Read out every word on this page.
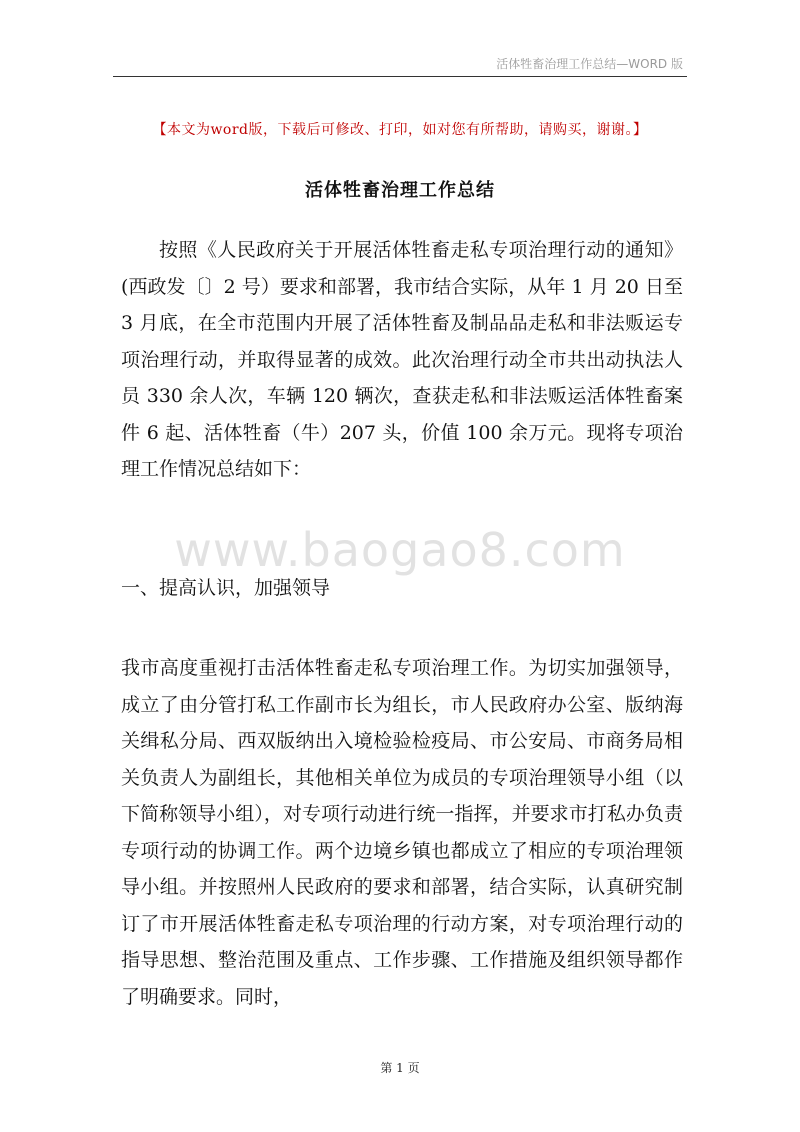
活体牲畜治理工作总结—WORD 版
【本文为word版，下载后可修改、打印，如对您有所帮助，请购买，谢谢。】
活体牲畜治理工作总结

按照《人民政府关于开展活体牲畜走私专项治理行动的通知》(西政发〔〕2 号）要求和部署，我市结合实际，从年 1 月 20 日至 3 月底，在全市范围内开展了活体牲畜及制品品走私和非法贩运专项治理行动，并取得显著的成效。此次治理行动全市共出动执法人员 330 余人次，车辆 120 辆次，查获走私和非法贩运活体牲畜案件 6 起、活体牲畜（牛）207 头，价值 100 余万元。现将专项治理工作情况总结如下：

www.baogao8.com
一、提高认识，加强领导

我市高度重视打击活体牲畜走私专项治理工作。为切实加强领导，成立了由分管打私工作副市长为组长，市人民政府办公室、版纳海关缉私分局、西双版纳出入境检验检疫局、市公安局、市商务局相关负责人为副组长，其他相关单位为成员的专项治理领导小组（以下简称领导小组），对专项行动进行统一指挥，并要求市打私办负责专项行动的协调工作。两个边境乡镇也都成立了相应的专项治理领导小组。并按照州人民政府的要求和部署，结合实际，认真研究制订了市开展活体牲畜走私专项治理的行动方案，对专项治理行动的指导思想、整治范围及重点、工作步骤、工作措施及组织领导都作了明确要求。同时，

第 1 页
